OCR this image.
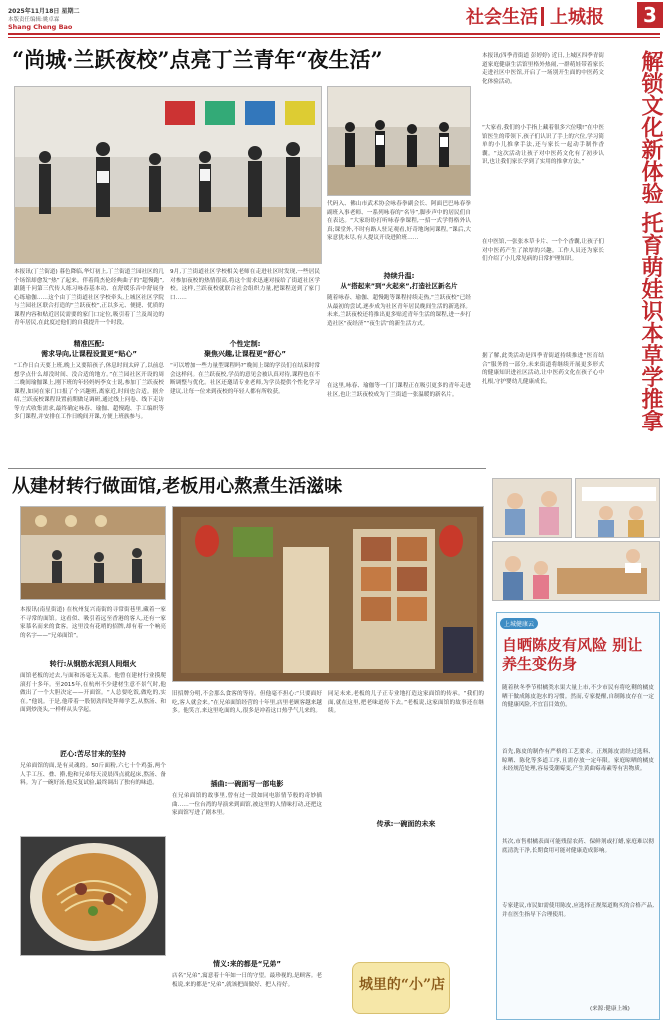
2025年11月18日 星期二
本版责任编辑:姚卓霖
Shang Cheng Bao	社会生活 上城报	3
“尚城·兰跃夜校”点亮丁兰青年“夜生活”
本报讯(丁兰街道) 暮色降临,华灯初上,丁兰街道兰园社区的几个场馆却愈发“热”了起来。伴着简杰伦经典曲子的“超慢跑”,跟随千问第三代传人练习咏春基本功、在舒缓乐音中舒展身心练瑜伽……这个由丁兰街道社区学校牵头,上城区社区学院与兰园社区联合打造的“兰跃夜校”,正以多元、便捷、优质的课程内容和贴近居民需要的家门口定位,吸引着丁兰及周边的青年居民,在此度过他们的自我提升一个时段。
精准匹配:
需求导向,让课程设置更“贴心”
“工作日白天要上班,晚上又要陪孩子,休息时间太碎了,以前总想学点什么却没时间、没合适的地方。”在兰园社区开设的周二晚间瑜伽课上,刚下班的年轻妈妈李女士说,参加丁兰跃夜校课程,如同在家门口报了个兴趣班,离家近,时间也合适。据介绍,兰跃夜校课程设置前期做足调研,通过线上问卷、线下走访等方式收集需求,最终确定咏春、瑜伽、超慢跑、手工编织等多门课程,并安排在工作日晚间开课,方便上班族参与。
9月,丁兰街道社区学校相关老师在走进社区时发现,一些居民对参加夜校的热情很高,将这个需求迅速对接给了街道社区学校。这样,兰跃夜校就联合社会组织力量,把课程送到了家门口……
个性定制:
聚焦兴趣,让课程更“舒心”
“可以增加一些力量型课程吗?”晚间上课的学员们在结束时常会这样问。在兰跃夜校,学员的意见会被认真对待,课程也在不断调整与优化。社区还邀请专业老师,为学员提供个性化学习建议,让每一位来到夜校的年轻人都有所收获。
代码入、佛山市武术协会咏春拳副会长、阿面巴巴咏春拳副班入事老师、一系列咏春的“名导”,脚步声中的居民们自在表达。“大家纷纷打听咏春拳课程,一招一式学得格外认真;课堂外,不时有路人驻足观看,好奇地询问课程。”课后,大家意犹未尽,有人提议开设进阶班……
持续升温:
从“搭起来”到“火起来”,打造社区新名片
随着咏春、瑜伽、超慢跑等课程持续走热,“兰跃夜校”已经从最初的尝试,逐步成为社区青年居民晚间生活的新选择。未来,兰跃夜校还将推出更多贴近青年生活的课程,进一步打造社区“夜经济”“夜生活”的新生活方式。
在这里,咏春、瑜伽等一门门课程正在吸引更多的青年走进社区,也让兰跃夜校成为丁兰街道一张温暖的新名片。	解锁文化新体验 托育萌娃识本草学推拿
本报讯(四季青街道 彭婷婷) 近日,上城区四季青街道家庭健康生活馆里格外热闹,一群萌娃带着家长走进社区中医馆,开启了一场别开生面的中医药文化体验活动。
“大家看,我们的小手指上藏着很多穴位哦!”在中医馆医生的带领下,孩子们认识了手上的穴位,学习简单的小儿推拿手法,还与家长一起动手制作香囊。“这次活动让孩子对中医药文化有了初步认识,也让我们家长学到了实用的推拿方法。”
在中医馆,一张张本草卡片、一个个香囊,让孩子们对中医药产生了浓厚的兴趣。工作人员还为家长们介绍了小儿常见病的日常护理知识。
据了解,此类活动是四季青街道持续推进“医育结合”服务的一部分,未来街道将继续开展更多形式的健康知识进社区活动,让中医药文化在孩子心中扎根,守护婴幼儿健康成长。
上城健康云
自晒陈皮有风险 别让养生变伤身
随着秋冬季节柑橘类水果大量上市,不少市民有将吃剩的橘皮晒干做成陈皮泡水的习惯。然而,专家提醒,自制陈皮存在一定的健康风险,不宜盲目效仿。
首先,陈皮的制作有严格的工艺要求。正规陈皮需经过选料、晾晒、陈化等多道工序,且需存放一定年限。家庭晾晒的橘皮未经规范处理,容易受潮霉变,产生黄曲霉毒素等有害物质。
其次,市售柑橘表面可能残留农药、保鲜剂或打蜡,家庭难以彻底清洗干净,长期食用可能对健康造成影响。
专家建议,市民如需使用陈皮,应选择正规渠道购买的合格产品,并在医生指导下合理使用。
(来源:健康上城)
从建材转行做面馆,老板用心熬煮生活滋味
本报讯(南星街道) 在杭州复兴南街的寻常街巷里,藏着一家不寻常的面馆。这看似、吸引着远至香港的客人,还有一家家慕名而来的食客。这里没有花哨的招牌,却有着一个响亮的名字——“兄弟面馆”。
转行:从钢筋水泥到人间烟火
面馆老板的过去,与面和汤毫无关系。他曾在建材行业摸爬滚打十多年。至2015年,在杭州不少建材生意不景气时,他做出了一个大胆决定——开面馆。“人总要吃饭,做吃的,实在。”他说。于是,他带着一股韧劲四处拜师学艺,从熬汤、和面到炒浇头,一样样从头学起。
匠心:苦尽甘来的坚持
兄弟面馆的面,是有灵魂的。50斤面粉,六七十个鸡蛋,两个人手工压、叠、擀,他和兄弟每天凌晨四点就起床,熬汤、备料。为了一碗好汤,他反复试验,最终调出了独有的味道。
旧招牌分明,不会那么食客的等待。但他毫不担心:“只要面好吃,客人就会来。”在兄弟面馆经营的十年里,店里老顾客越来越多。他笑言,来这里吃面的人,很多是冲着这口热乎气儿来的。
插曲:一碗面写一部电影
在兄弟面馆的故事里,曾有过一段如同电影情节般的奇妙插曲……一位台湾的导演来到面馆,被这里的人情味打动,还把这家面馆写进了剧本里。
情义:来的都是“兄弟”
店名“兄弟”,寓意着十年如一日的守望。最珍视的,是顾客。老板说,来的都是“兄弟”,就该把面做好、把人待好。
传承:一碗面的未来
同足未来,老板的儿子正专业地打造这家面馆的传承。“我们的面,就在这里,把老味道传下去。”老板说,这家面馆的故事还在继续。
城里的“小”店
